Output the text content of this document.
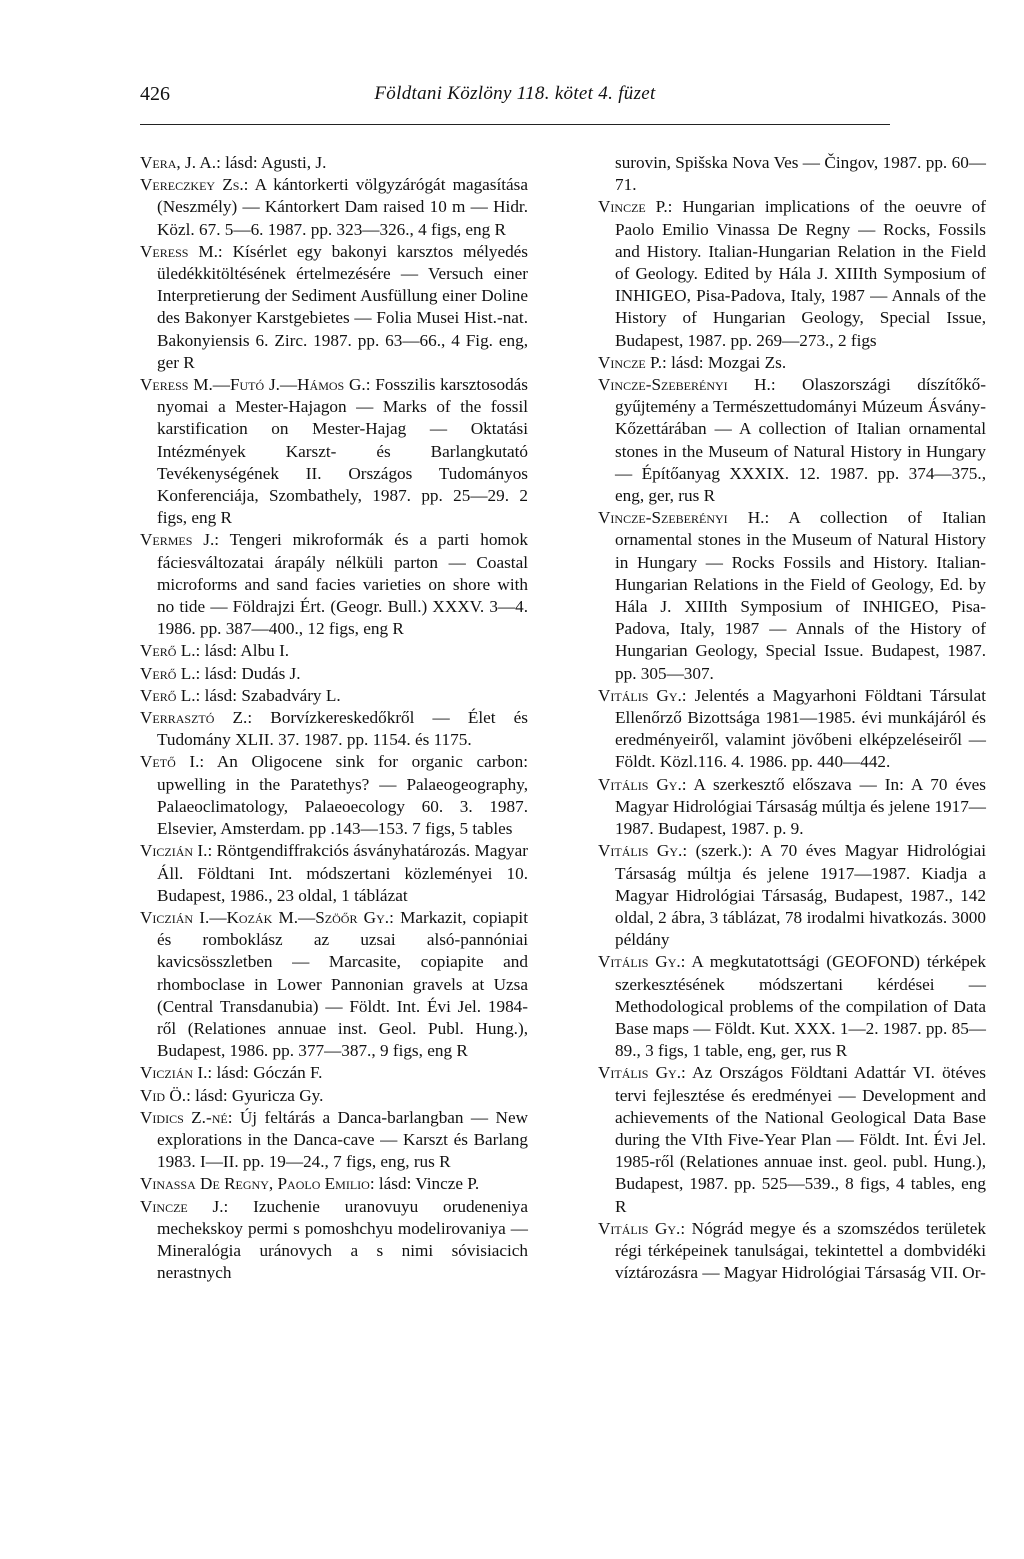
426	Földtani Közlöny 118. kötet 4. füzet
Vera, J. A.: lásd: Agusti, J.
Vereczkey Zs.: A kántorkerti völgyzárógát magasítása (Neszmély) — Kántorkert Dam raised 10 m — Hidr. Közl. 67. 5—6. 1987. pp. 323—326., 4 figs, eng R
Veress M.: Kísérlet egy bakonyi karsztos mélyedés üledékkitöltésének értelmezésére — Versuch einer Interpretierung der Sediment Ausfüllung einer Doline des Bakonyer Karstgebietes — Folia Musei Hist.-nat. Bakonyiensis 6. Zirc. 1987. pp. 63—66., 4 Fig. eng, ger R
Veress M.—Futó J.—Hámos G.: Fosszilis karsztosodás nyomai a Mester-Hajagon — Marks of the fossil karstification on Mester-Hajag — Oktatási Intézmények Karszt- és Barlangkutató Tevékenységének II. Országos Tudományos Konferenciája, Szombathely, 1987. pp. 25—29. 2 figs, eng R
Vermes J.: Tengeri mikroformák és a parti homok fáciesváltozatai árapály nélküli parton — Coastal microforms and sand facies varieties on shore with no tide — Földrajzi Ért. (Geogr. Bull.) XXXV. 3—4. 1986. pp. 387—400., 12 figs, eng R
Verő L.: lásd: Albu I.
Verő L.: lásd: Dudás J.
Verő L.: lásd: Szabadváry L.
Verrasztó Z.: Borvízkereskedőkről — Élet és Tudomány XLII. 37. 1987. pp. 1154. és 1175.
Vető I.: An Oligocene sink for organic carbon: upwelling in the Paratethys? — Palaeogeography, Palaeoclimatology, Palaeoecology 60. 3. 1987. Elsevier, Amsterdam. pp .143—153. 7 figs, 5 tables
Viczián I.: Röntgendiffrakciós ásványhatározás. Magyar Áll. Földtani Int. módszertani közleményei 10. Budapest, 1986., 23 oldal, 1 táblázat
Viczián I.—Kozák M.—Szöőr Gy.: Markazit, copiapit és romboklász az uzsai alsó-pannóniai kavicsösszletben — Marcasite, copiapite and rhomboclase in Lower Pannonian gravels at Uzsa (Central Transdanubia) — Földt. Int. Évi Jel. 1984-ről (Relationes annuae inst. Geol. Publ. Hung.), Budapest, 1986. pp. 377—387., 9 figs, eng R
Viczián I.: lásd: Góczán F.
Vid Ö.: lásd: Gyuricza Gy.
Vidics Z.-né: Új feltárás a Danca-barlangban — New explorations in the Danca-cave — Karszt és Barlang 1983. I—II. pp. 19—24., 7 figs, eng, rus R
Vinassa De Regny, Paolo Emilio: lásd: Vincze P.
Vincze J.: Izuchenie uranovuyu orudeneniya mechekskoy permi s pomoshchyu modelirovaniya — Mineralógia uránovych a s nimi sóvisiacich nerastnych
surovin, Spišska Nova Ves — Čingov, 1987. pp. 60—71.
Vincze P.: Hungarian implications of the oeuvre of Paolo Emilio Vinassa De Regny — Rocks, Fossils and History. Italian-Hungarian Relation in the Field of Geology. Edited by Hála J. XIIIth Symposium of INHIGEO, Pisa-Padova, Italy, 1987 — Annals of the History of Hungarian Geology, Special Issue, Budapest, 1987. pp. 269—273., 2 figs
Vincze P.: lásd: Mozgai Zs.
Vincze-Szeberényi H.: Olaszországi díszítőkő-gyűjtemény a Természettudományi Múzeum Ásvány-Kőzettárában — A collection of Italian ornamental stones in the Museum of Natural History in Hungary — Építőanyag XXXIX. 12. 1987. pp. 374—375., eng, ger, rus R
Vincze-Szeberényi H.: A collection of Italian ornamental stones in the Museum of Natural History in Hungary — Rocks Fossils and History. Italian-Hungarian Relations in the Field of Geology, Ed. by Hála J. XIIIth Symposium of INHIGEO, Pisa-Padova, Italy, 1987 — Annals of the History of Hungarian Geology, Special Issue. Budapest, 1987. pp. 305—307.
Vitális Gy.: Jelentés a Magyarhoni Földtani Társulat Ellenőrző Bizottsága 1981—1985. évi munkájáról és eredményeiről, valamint jövőbeni elképzeléseiről — Földt. Közl.116. 4. 1986. pp. 440—442.
Vitális Gy.: A szerkesztő előszava — In: A 70 éves Magyar Hidrológiai Társaság múltja és jelene 1917—1987. Budapest, 1987. p. 9.
Vitális Gy.: (szerk.): A 70 éves Magyar Hidrológiai Társaság múltja és jelene 1917—1987. Kiadja a Magyar Hidrológiai Társaság, Budapest, 1987., 142 oldal, 2 ábra, 3 táblázat, 78 irodalmi hivatkozás. 3000 példány
Vitális Gy.: A megkutatottsági (GEOFOND) térképek szerkesztésének módszertani kérdései — Methodological problems of the compilation of Data Base maps — Földt. Kut. XXX. 1—2. 1987. pp. 85—89., 3 figs, 1 table, eng, ger, rus R
Vitális Gy.: Az Országos Földtani Adattár VI. ötéves tervi fejlesztése és eredményei — Development and achievements of the National Geological Data Base during the VIth Five-Year Plan — Földt. Int. Évi Jel. 1985-ről (Relationes annuae inst. geol. publ. Hung.), Budapest, 1987. pp. 525—539., 8 figs, 4 tables, eng R
Vitális Gy.: Nógrád megye és a szomszédos területek régi térképeinek tanulságai, tekintettel a dombvidéki víztározásra — Magyar Hidrológiai Társaság VII. Or-
